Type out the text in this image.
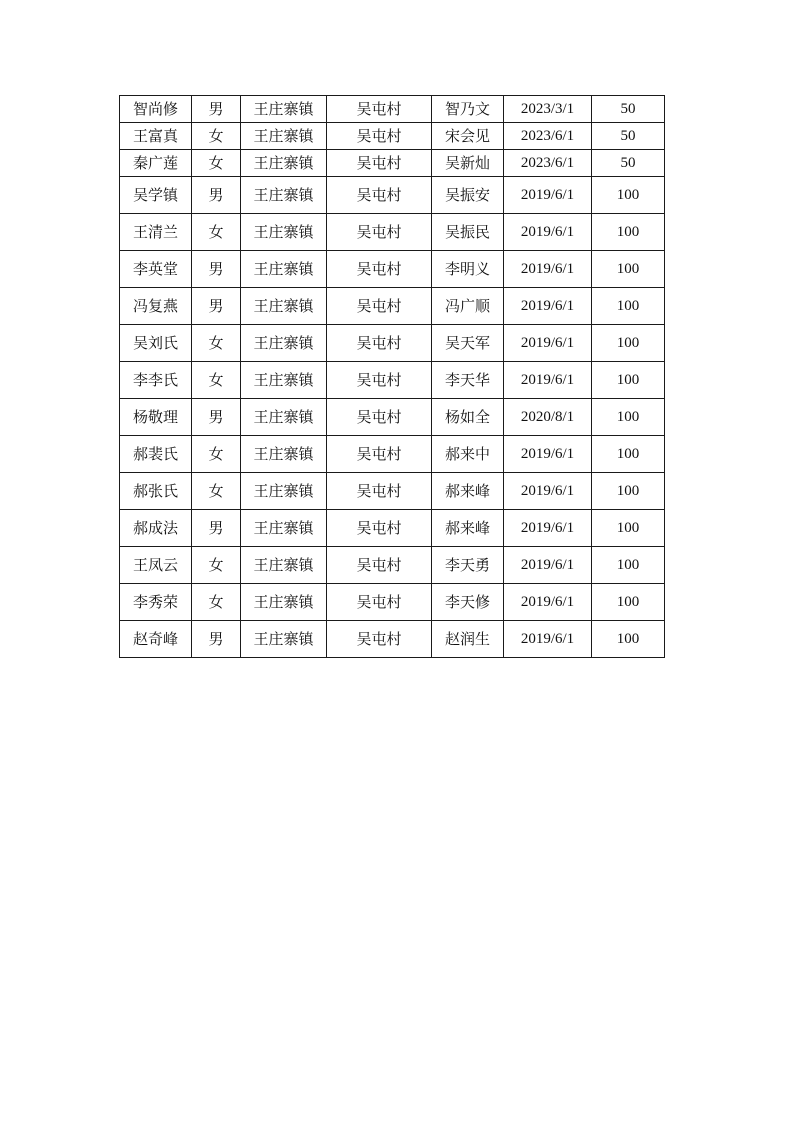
智尚修	男	王庄寨镇	吴屯村	智乃文	2023/3/1	50
王富真	女	王庄寨镇	吴屯村	宋会见	2023/6/1	50
秦广莲	女	王庄寨镇	吴屯村	吴新灿	2023/6/1	50
吴学镇	男	王庄寨镇	吴屯村	吴振安	2019/6/1	100
王清兰	女	王庄寨镇	吴屯村	吴振民	2019/6/1	100
李英堂	男	王庄寨镇	吴屯村	李明义	2019/6/1	100
冯复燕	男	王庄寨镇	吴屯村	冯广顺	2019/6/1	100
吴刘氏	女	王庄寨镇	吴屯村	吴天军	2019/6/1	100
李李氏	女	王庄寨镇	吴屯村	李天华	2019/6/1	100
杨敬理	男	王庄寨镇	吴屯村	杨如全	2020/8/1	100
郝裴氏	女	王庄寨镇	吴屯村	郝来中	2019/6/1	100
郝张氏	女	王庄寨镇	吴屯村	郝来峰	2019/6/1	100
郝成法	男	王庄寨镇	吴屯村	郝来峰	2019/6/1	100
王凤云	女	王庄寨镇	吴屯村	李天勇	2019/6/1	100
李秀荣	女	王庄寨镇	吴屯村	李天修	2019/6/1	100
赵奇峰	男	王庄寨镇	吴屯村	赵润生	2019/6/1	100
